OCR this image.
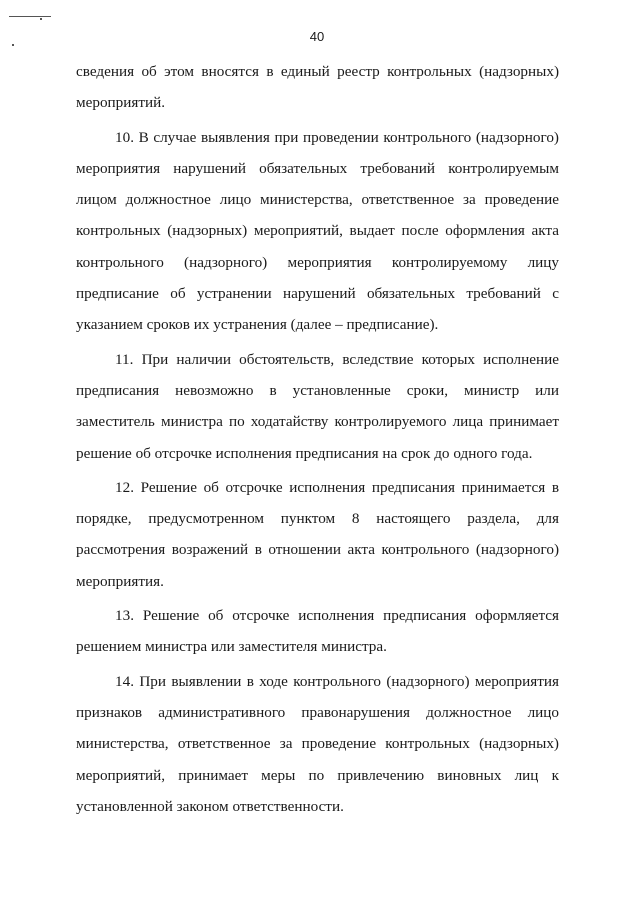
40

сведения об этом вносятся в единый реестр контрольных (надзорных) мероприятий.

10. В случае выявления при проведении контрольного (надзорного) мероприятия нарушений обязательных требований контролируемым лицом должностное лицо министерства, ответственное за проведение контрольных (надзорных) мероприятий, выдает после оформления акта контрольного (надзорного) мероприятия контролируемому лицу предписание об устранении нарушений обязательных требований с указанием сроков их устранения (далее – предписание).

11. При наличии обстоятельств, вследствие которых исполнение предписания невозможно в установленные сроки, министр или заместитель министра по ходатайству контролируемого лица принимает решение об отсрочке исполнения предписания на срок до одного года.

12. Решение об отсрочке исполнения предписания принимается в порядке, предусмотренном пунктом 8 настоящего раздела, для рассмотрения возражений в отношении акта контрольного (надзорного) мероприятия.

13. Решение об отсрочке исполнения предписания оформляется решением министра или заместителя министра.

14. При выявлении в ходе контрольного (надзорного) мероприятия признаков административного правонарушения должностное лицо министерства, ответственное за проведение контрольных (надзорных) мероприятий, принимает меры по привлечению виновных лиц к установленной законом ответственности.
